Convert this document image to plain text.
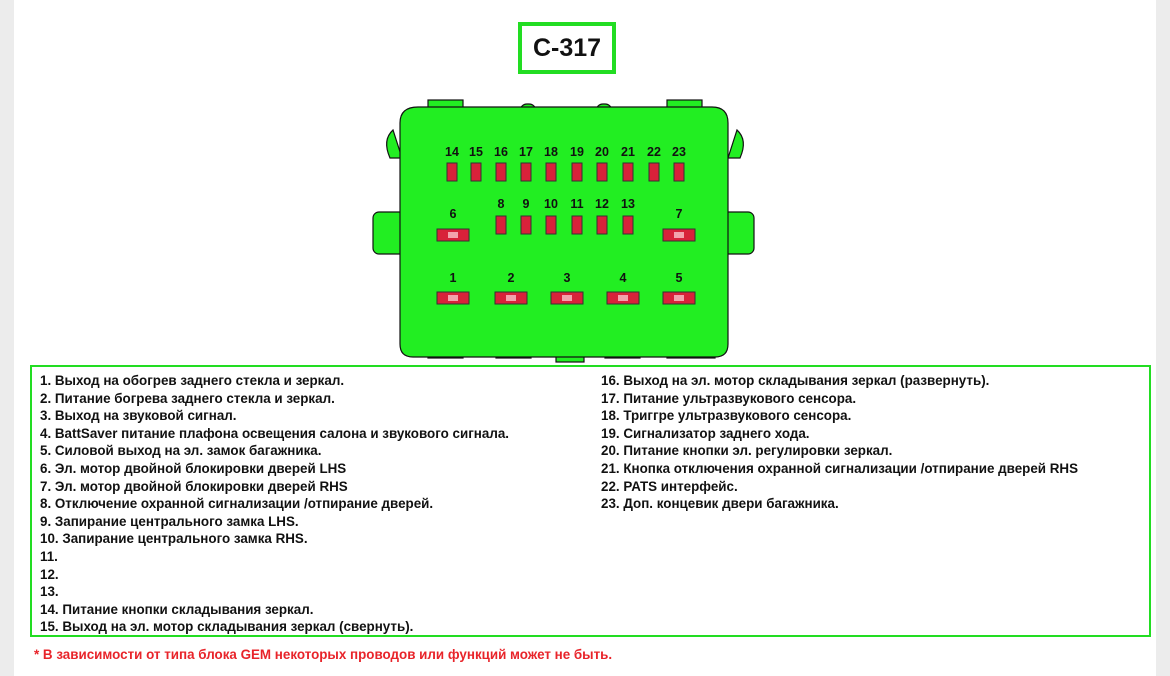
14 15 16 17 18 19 20 21 22 23
8 9 10 11 12 13
6	7
1	2	3	4	5
C-317
1. Выход на обогрев заднего стекла и зеркал.
2. Питание богрева заднего стекла и зеркал.
3. Выход на звуковой сигнал.
4. BattSaver питание плафона освещения салона и звукового сигнала.
5. Силовой выход на эл. замок багажника.
6. Эл. мотор двойной блокировки дверей LHS
7. Эл. мотор двойной блокировки дверей RHS
8. Отключение охранной сигнализации /отпирание дверей.
9. Запирание центрального замка LHS.
10. Запирание центрального замка RHS.
11.
12.
13.
14. Питание кнопки складывания зеркал.
15. Выход на эл. мотор складывания зеркал (свернуть).
16. Выход на эл. мотор складывания зеркал (развернуть).
17. Питание ультразвукового сенсора.
18. Триггре ультразвукового сенсора.
19. Сигнализатор заднего хода.
20. Питание кнопки эл. регулировки зеркал.
21. Кнопка отключения охранной сигнализации /отпирание дверей RHS
22. PATS интерфейс.
23. Доп. концевик двери багажника.
* В зависимости от типа блока GEM некоторых проводов или функций может не быть.
